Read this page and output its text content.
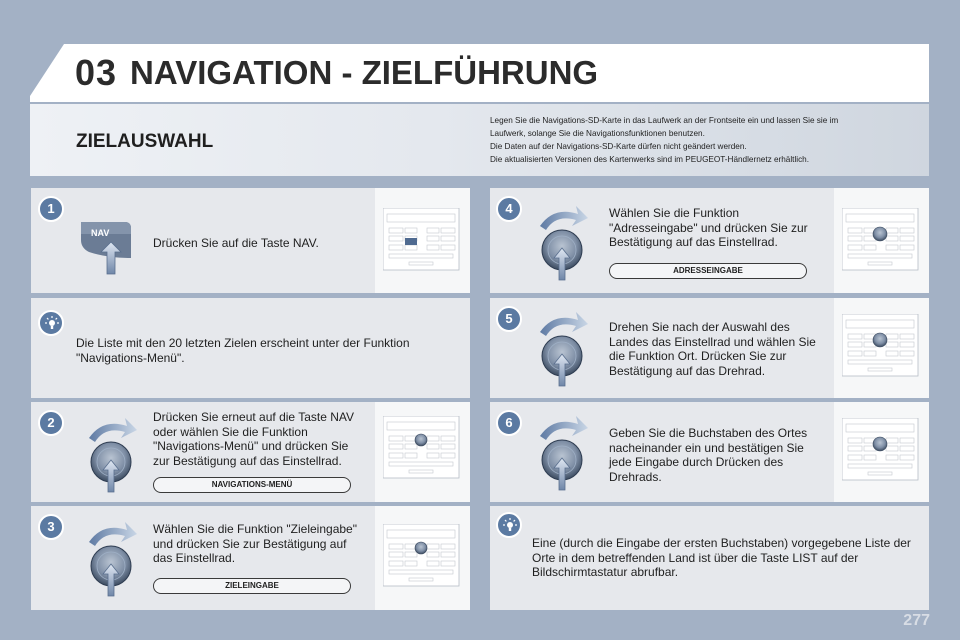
03 NAVIGATION - ZIELFÜHRUNG
ZIELAUSWAHL
Legen Sie die Navigations-SD-Karte in das Laufwerk an der Frontseite ein und lassen Sie sie im
Laufwerk, solange Sie die Navigationsfunktionen benutzen.
Die Daten auf der Navigations-SD-Karte dürfen nicht geändert werden.
Die aktualisierten Versionen des Kartenwerks sind im PEUGEOT-Händlernetz erhältlich.
NAV
Drücken Sie auf die Taste NAV.
1
Die Liste mit den 20 letzten Zielen erscheint unter der Funktion "Navigations-Menü".
Drücken Sie erneut auf die Taste NAV oder wählen Sie die Funktion "Navigations-Menü" und drücken Sie zur Bestätigung auf das Einstellrad.
NAVIGATIONS-MENÜ
2
Wählen Sie die Funktion "Zieleingabe" und drücken Sie zur Bestätigung auf das Einstellrad.
ZIELEINGABE
3
Wählen Sie die Funktion "Adresseingabe" und drücken Sie zur Bestätigung auf das Einstellrad.
ADRESSEINGABE
4
Drehen Sie nach der Auswahl des Landes das Einstellrad und wählen Sie die Funktion Ort. Drücken Sie zur Bestätigung auf das Drehrad.
5
Geben Sie die Buchstaben des Ortes nacheinander ein und bestätigen Sie jede Eingabe durch Drücken des Drehrads.
6
Eine (durch die Eingabe der ersten Buchstaben) vorgegebene Liste der Orte in dem betreffenden Land ist über die Taste LIST auf der Bildschirmtastatur abrufbar.
277
